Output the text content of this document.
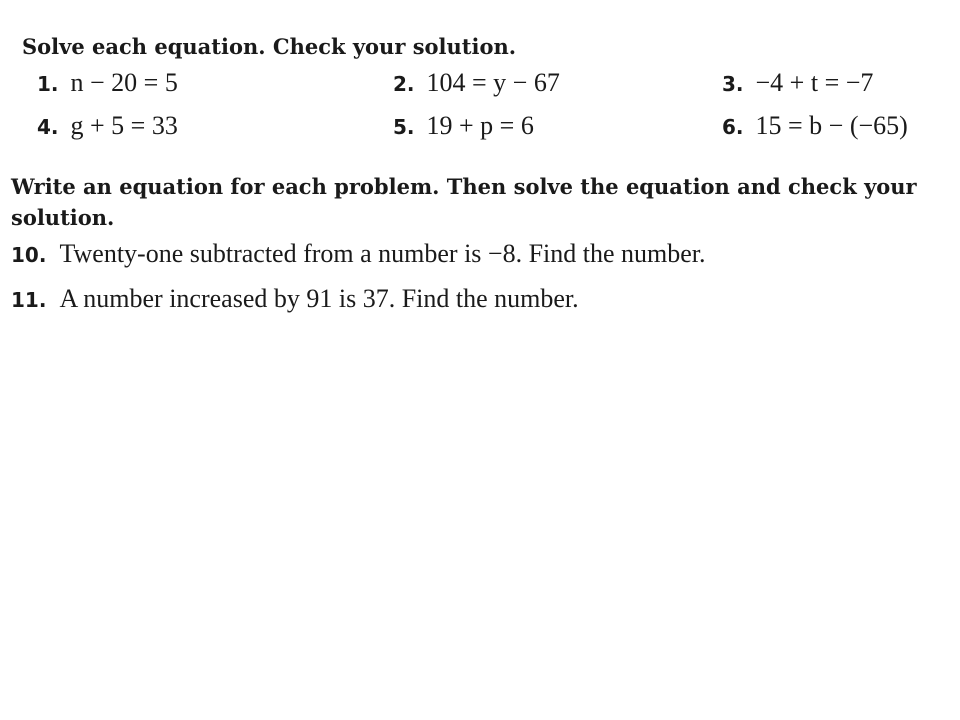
Solve each equation. Check your solution.
1. n − 20 = 5	2. 104 = y − 67	3. −4 + t = −7
4. g + 5 = 33	5. 19 + p = 6	6. 15 = b − (−65)
Write an equation for each problem. Then solve the equation and check your solution.
10. Twenty-one subtracted from a number is −8. Find the number.
11. A number increased by 91 is 37. Find the number.
